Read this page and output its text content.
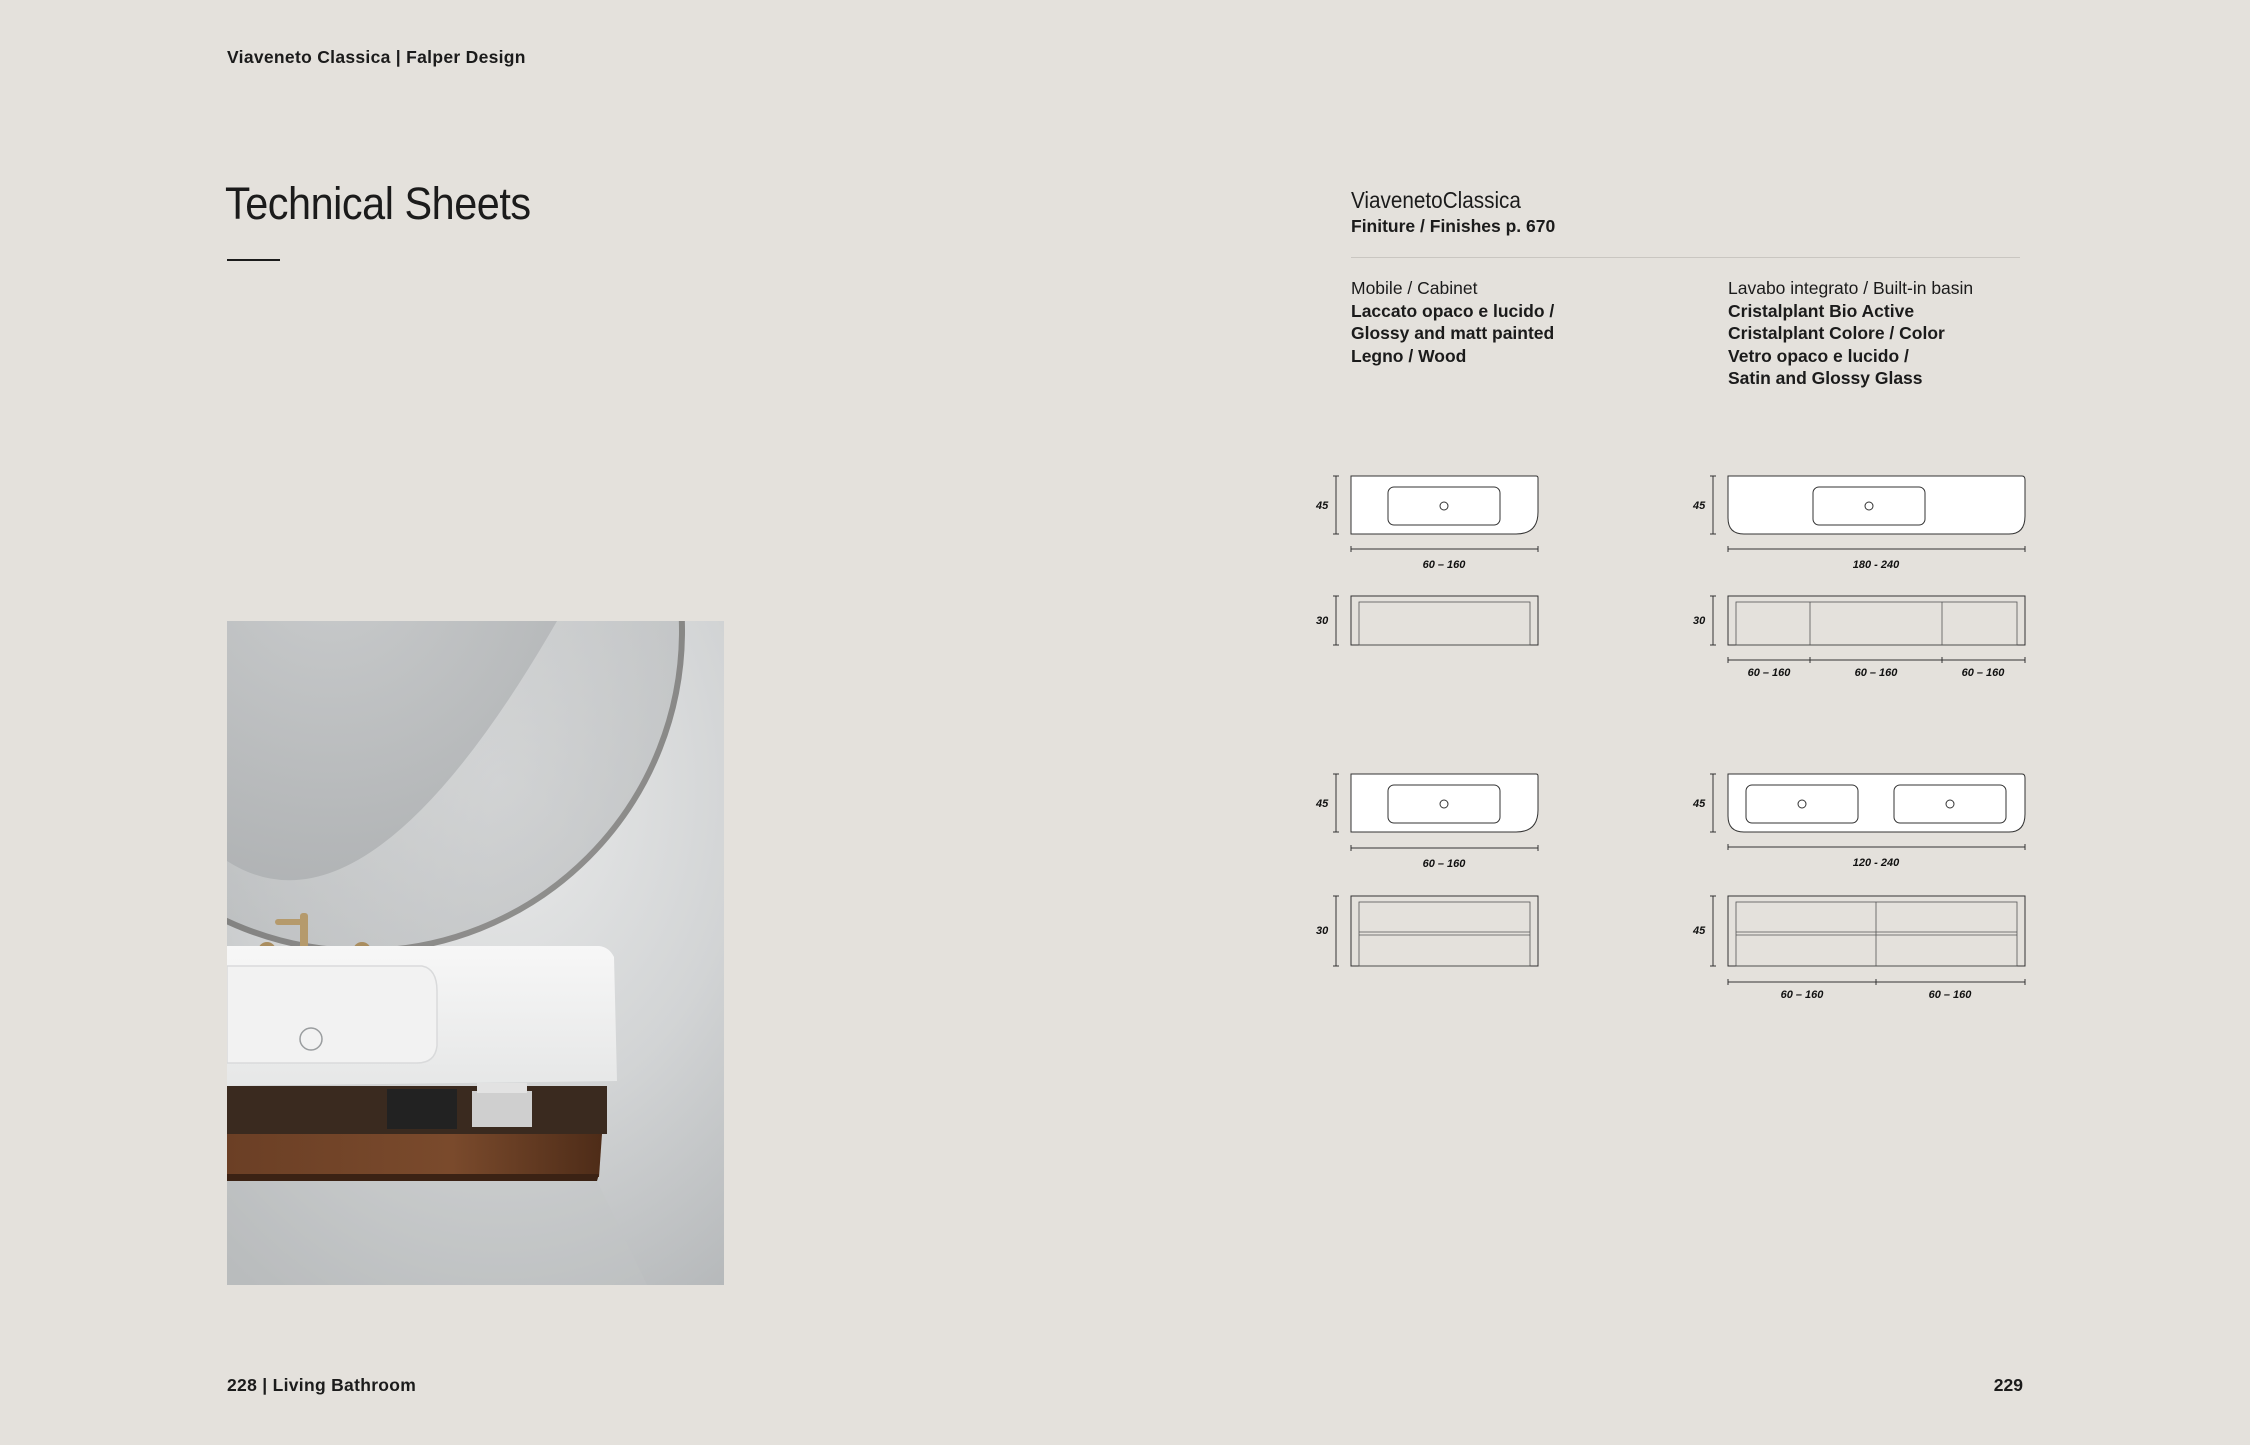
Viaveneto Classica | Falper Design
Technical Sheets	ViavenetoClassica
Finiture / Finishes p. 670
Mobile / Cabinet
Laccato opaco e lucido /
Glossy and matt painted
Legno / Wood
Lavabo integrato / Built-in basin
Cristalplant Bio Active
Cristalplant Colore / Color
Vetro opaco e lucido /
Satin and Glossy Glass
45
60 – 160
30
45
180 - 240
30
60 – 160	60 – 160	60 – 160
45
60 – 160
30
45
120 - 240
45
60 – 160	60 – 160
228 | Living Bathroom	229
